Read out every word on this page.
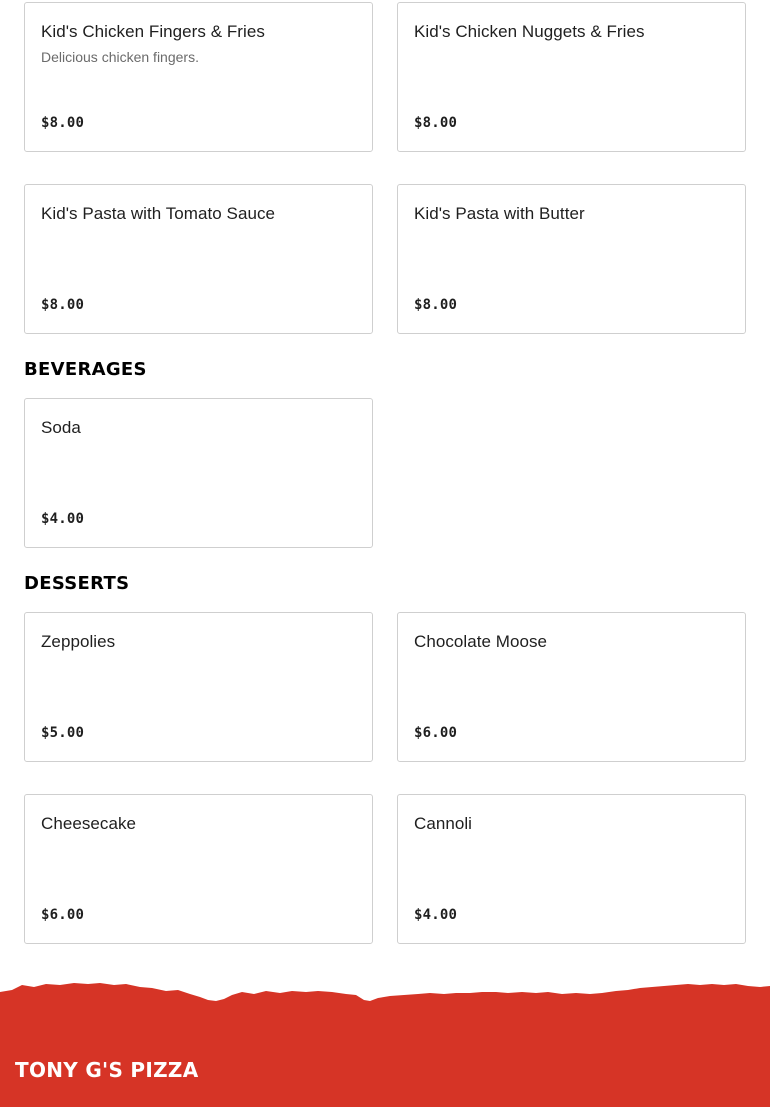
Kid's Chicken Fingers & Fries
Delicious chicken fingers.
$8.00
Kid's Chicken Nuggets & Fries
$8.00
Kid's Pasta with Tomato Sauce
$8.00
Kid's Pasta with Butter
$8.00
BEVERAGES
Soda
$4.00
DESSERTS
Zeppolies
$5.00
Chocolate Moose
$6.00
Cheesecake
$6.00
Cannoli
$4.00
TONY G'S PIZZA
